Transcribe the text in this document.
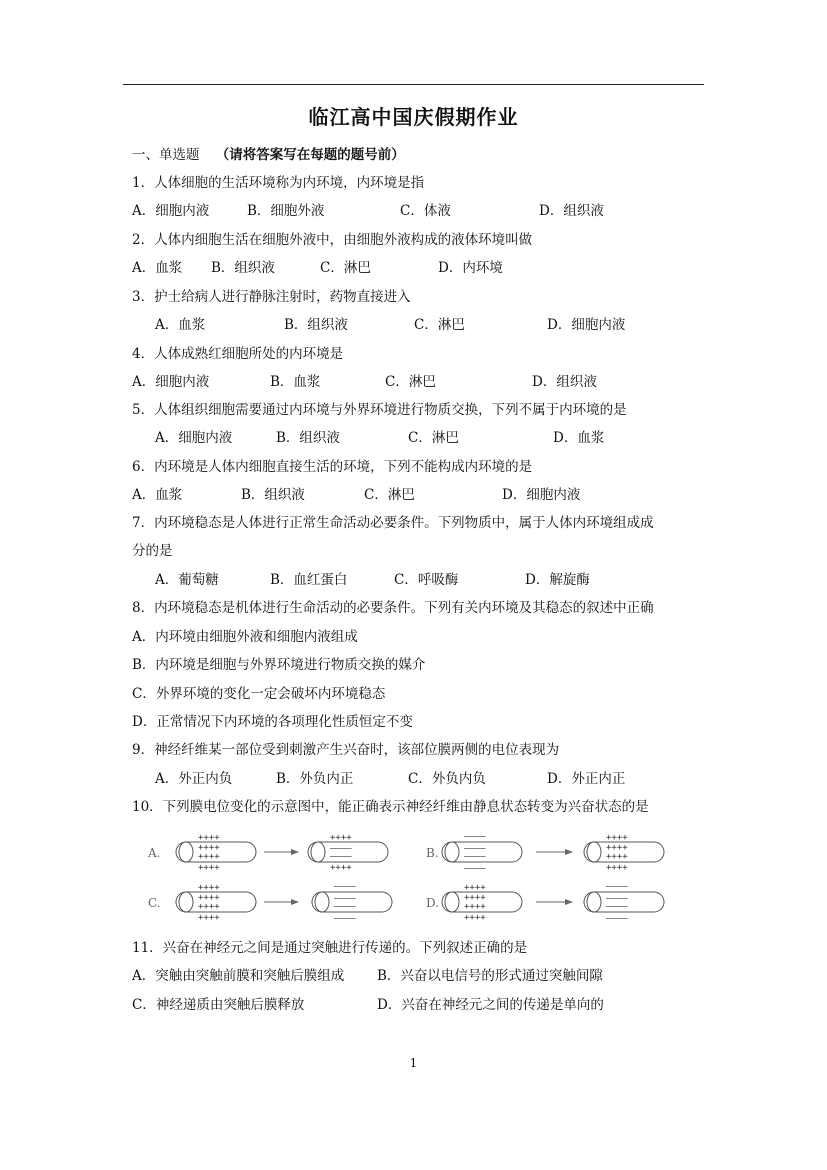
临江高中国庆假期作业
一、单选题 （请将答案写在每题的题号前）
1．人体细胞的生活环境称为内环境，内环境是指
A．细胞内液	B．细胞外液	C．体液	D．组织液
2．人体内细胞生活在细胞外液中，由细胞外液构成的液体环境叫做
A．血浆 B．组织液	C．淋巴	D．内环境
3．护士给病人进行静脉注射时，药物直接进入
A．血浆	B．组织液	C．淋巴	D．细胞内液
4．人体成熟红细胞所处的内环境是
A．细胞内液	B．血浆	C．淋巴	D．组织液
5．人体组织细胞需要通过内环境与外界环境进行物质交换，下列不属于内环境的是
A．细胞内液	B．组织液	C．淋巴	D．血浆
6．内环境是人体内细胞直接生活的环境，下列不能构成内环境的是
A．血浆	B．组织液	C．淋巴	D．细胞内液
7．内环境稳态是人体进行正常生命活动必要条件。下列物质中，属于人体内环境组成成
分的是
A．葡萄糖	B．血红蛋白	C．呼吸酶	D．解旋酶
8．内环境稳态是机体进行生命活动的必要条件。下列有关内环境及其稳态的叙述中正确
A．内环境由细胞外液和细胞内液组成
B．内环境是细胞与外界环境进行物质交换的媒介
C．外界环境的变化一定会破坏内环境稳态
D．正常情况下内环境的各项理化性质恒定不变
9．神经纤维某一部位受到刺激产生兴奋时，该部位膜两侧的电位表现为
A．外正内负	B．外负内正	C．外负内负	D．外正内正
10．下列膜电位变化的示意图中，能正确表示神经纤维由静息状态转变为兴奋状态的是
A.
++++
++++
++++
++++
++++
––––
––––
++++
B.
––––
––––
––––
––––
++++
++++
++++
++++
C.
++++
++++
++++
++++
––––
––––
––––
––––
D.
++++
++++
++++
++++
––––
––––
––––
––––
11．兴奋在神经元之间是通过突触进行传递的。下列叙述正确的是
A．突触由突触前膜和突触后膜组成 B．兴奋以电信号的形式通过突触间隙
C．神经递质由突触后膜释放	D．兴奋在神经元之间的传递是单向的
1
